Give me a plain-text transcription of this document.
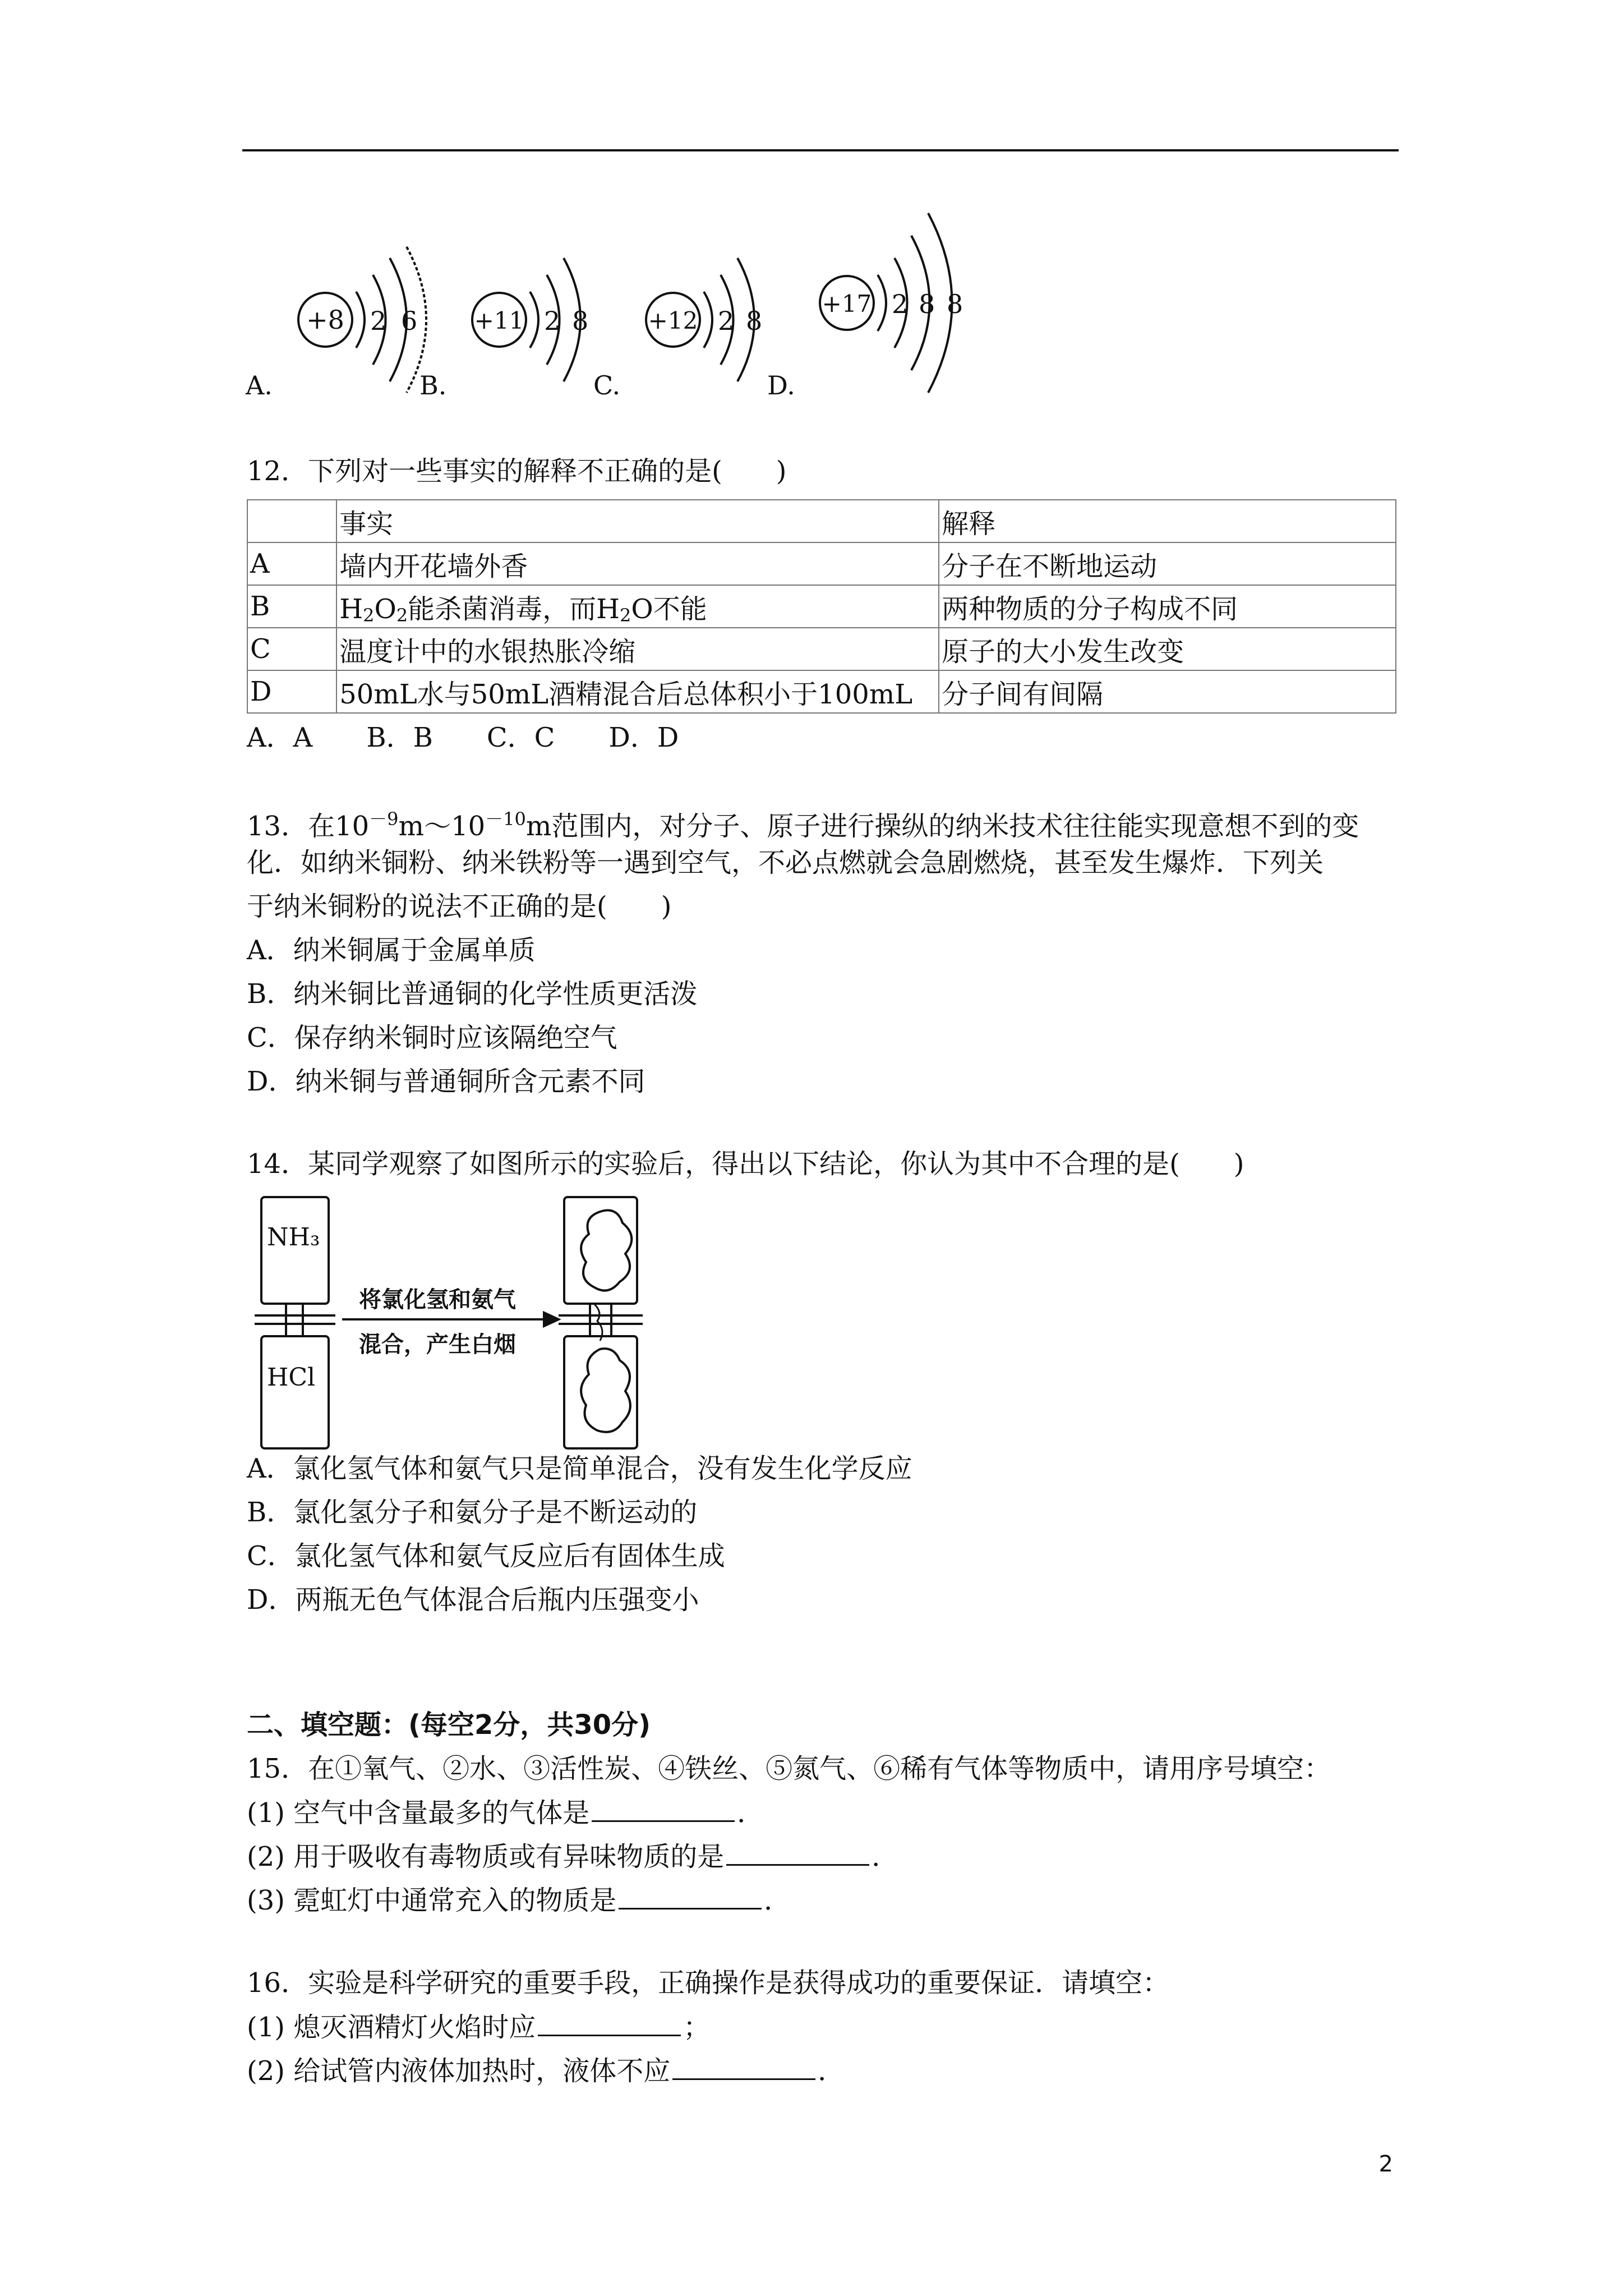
+8 2 6 +11 2 8	+12 2 8
+17 2 8 8
A.	B.	C.	D.
12．下列对一些事实的解释不正确的是(　　)
	事实	解释
A	墙内开花墙外香	分子在不断地运动
B	$H_2O_2$能杀菌消毒，而$H_2O$不能	两种物质的分子构成不同
C	温度计中的水银热胀冷缩	原子的大小发生改变
D	50mL水与50mL酒精混合后总体积小于100mL	分子间有间隔
A．A　　B．B　　C．C　　D．D
13．在$10^{-9}m\sim 10^{-10}m$范围内，对分子、原子进行操纵的纳米技术往往能实现意想不到的变
化．如纳米铜粉、纳米铁粉等一遇到空气，不必点燃就会急剧燃烧，甚至发生爆炸．下列关
于纳米铜粉的说法不正确的是(　　)
A．纳米铜属于金属单质
B．纳米铜比普通铜的化学性质更活泼
C．保存纳米铜时应该隔绝空气
D．纳米铜与普通铜所含元素不同
14．某同学观察了如图所示的实验后，得出以下结论，你认为其中不合理的是(　　)
NH₃
HCl
将氯化氢和氨气
混合，产生白烟
A．氯化氢气体和氨气只是简单混合，没有发生化学反应
B．氯化氢分子和氨分子是不断运动的
C．氯化氢气体和氨气反应后有固体生成
D．两瓶无色气体混合后瓶内压强变小
二、填空题：(每空2分，共30分)
15．在①氧气、②水、③活性炭、④铁丝、⑤氮气、⑥稀有气体等物质中，请用序号填空：
(1) 空气中含量最多的气体是	．
(2) 用于吸收有毒物质或有异味物质的是	．
(3) 霓虹灯中通常充入的物质是	．
16．实验是科学研究的重要手段，正确操作是获得成功的重要保证．请填空：
(1) 熄灭酒精灯火焰时应	；
(2) 给试管内液体加热时，液体不应	．
2
